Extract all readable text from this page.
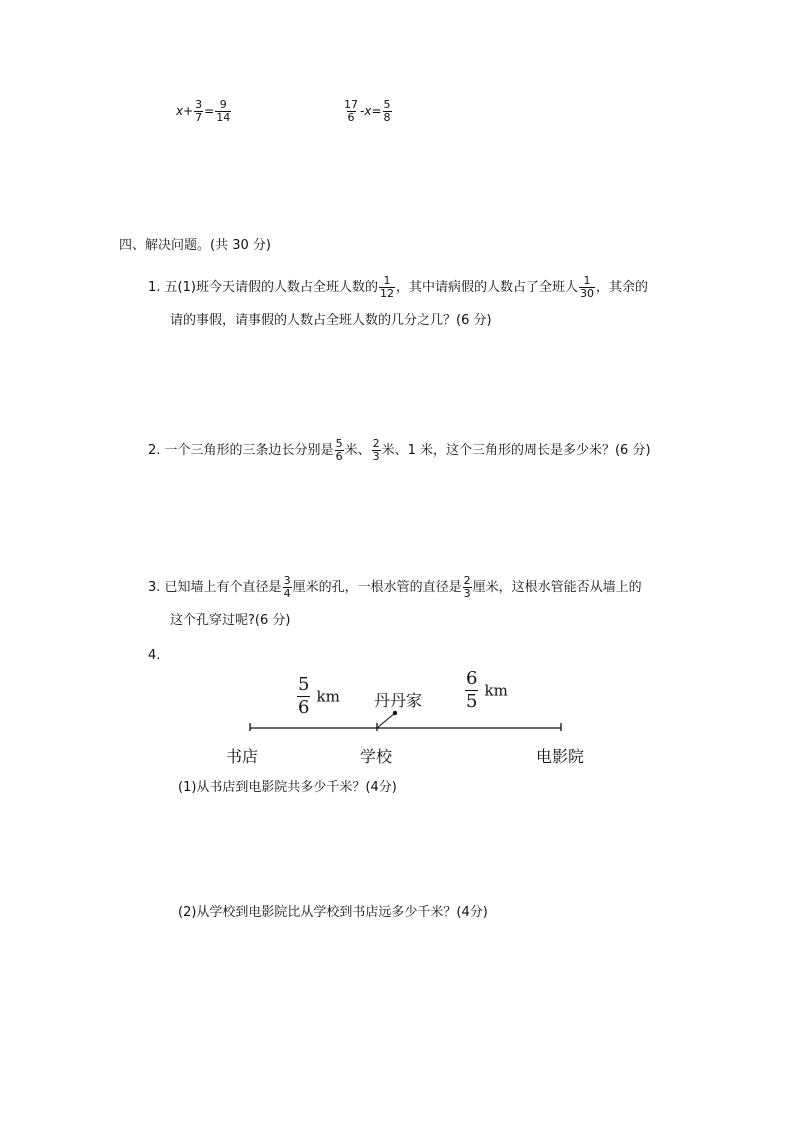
$x+ \frac{3}{7} = \frac{9}{14}$	$\frac{17}{6} -x= \frac{5}{8}$
四、解决问题。(共 30 分)
1. 五(1)班今天请假的人数占全班人数的 $\frac{1}{12}$ ，其中请病假的人数占了全班人 $\frac{1}{30}$ ，其余的
请的事假，请事假的人数占全班人数的几分之几？(6 分)
2. 一个三角形的三条边长分别是 $\frac{5}{6}$ 米、 $\frac{2}{3}$ 米、1 米，这个三角形的周长是多少米？(6 分)
3. 已知墙上有个直径是 $\frac{3}{4}$ 厘米的孔，一根水管的直径是 $\frac{2}{3}$ 厘米，这根水管能否从墙上的
这个孔穿过呢?(6 分)
4.
$\frac{5}{6}$ km 丹丹家 $\frac{6}{5}$ km
书店	学校	电影院
(1)从书店到电影院共多少千米？(4分)
(2)从学校到电影院比从学校到书店远多少千米？(4分)
